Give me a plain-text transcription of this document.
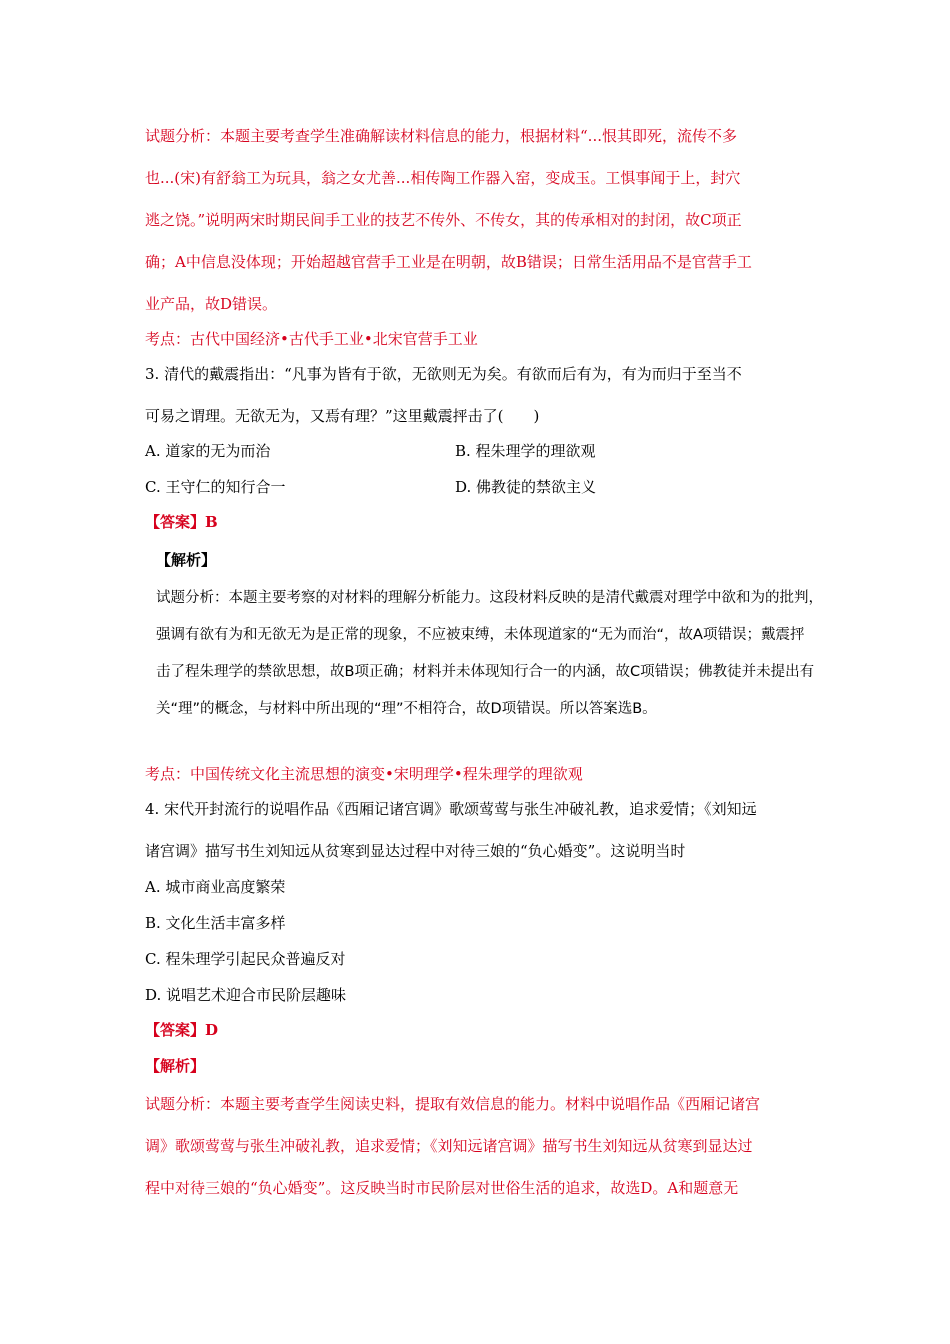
试题分析：本题主要考查学生准确解读材料信息的能力，根据材料“...恨其即死，流传不多
也...(宋)有舒翁工为玩具，翁之女尤善...相传陶工作器入窑，变成玉。工惧事闻于上，封穴
逃之饶。”说明两宋时期民间手工业的技艺不传外、不传女，其的传承相对的封闭，故C项正
确；A中信息没体现；开始超越官营手工业是在明朝，故B错误；日常生活用品不是官营手工
业产品，故D错误。
考点：古代中国经济•古代手工业•北宋官营手工业
3. 清代的戴震指出：“凡事为皆有于欲，无欲则无为矣。有欲而后有为，有为而归于至当不
可易之谓理。无欲无为，又焉有理？”这里戴震抨击了(　　)
A. 道家的无为而治	B. 程朱理学的理欲观
C. 王守仁的知行合一	D. 佛教徒的禁欲主义
【答案】B
【解析】
试题分析：本题主要考察的对材料的理解分析能力。这段材料反映的是清代戴震对理学中欲和为的批判，
强调有欲有为和无欲无为是正常的现象，不应被束缚，未体现道家的“无为而治“，故A项错误；戴震抨
击了程朱理学的禁欲思想，故B项正确；材料并未体现知行合一的内涵，故C项错误；佛教徒并未提出有
关“理”的概念，与材料中所出现的“理”不相符合，故D项错误。所以答案选B。
考点：中国传统文化主流思想的演变•宋明理学•程朱理学的理欲观
4. 宋代开封流行的说唱作品《西厢记诸宫调》歌颂莺莺与张生冲破礼教，追求爱情；《刘知远
诸宫调》描写书生刘知远从贫寒到显达过程中对待三娘的“负心婚变”。这说明当时
A. 城市商业高度繁荣
B. 文化生活丰富多样
C. 程朱理学引起民众普遍反对
D. 说唱艺术迎合市民阶层趣味
【答案】D
【解析】
试题分析：本题主要考查学生阅读史料，提取有效信息的能力。材料中说唱作品《西厢记诸宫
调》歌颂莺莺与张生冲破礼教，追求爱情；《刘知远诸宫调》描写书生刘知远从贫寒到显达过
程中对待三娘的“负心婚变”。这反映当时市民阶层对世俗生活的追求，故选D。A和题意无
